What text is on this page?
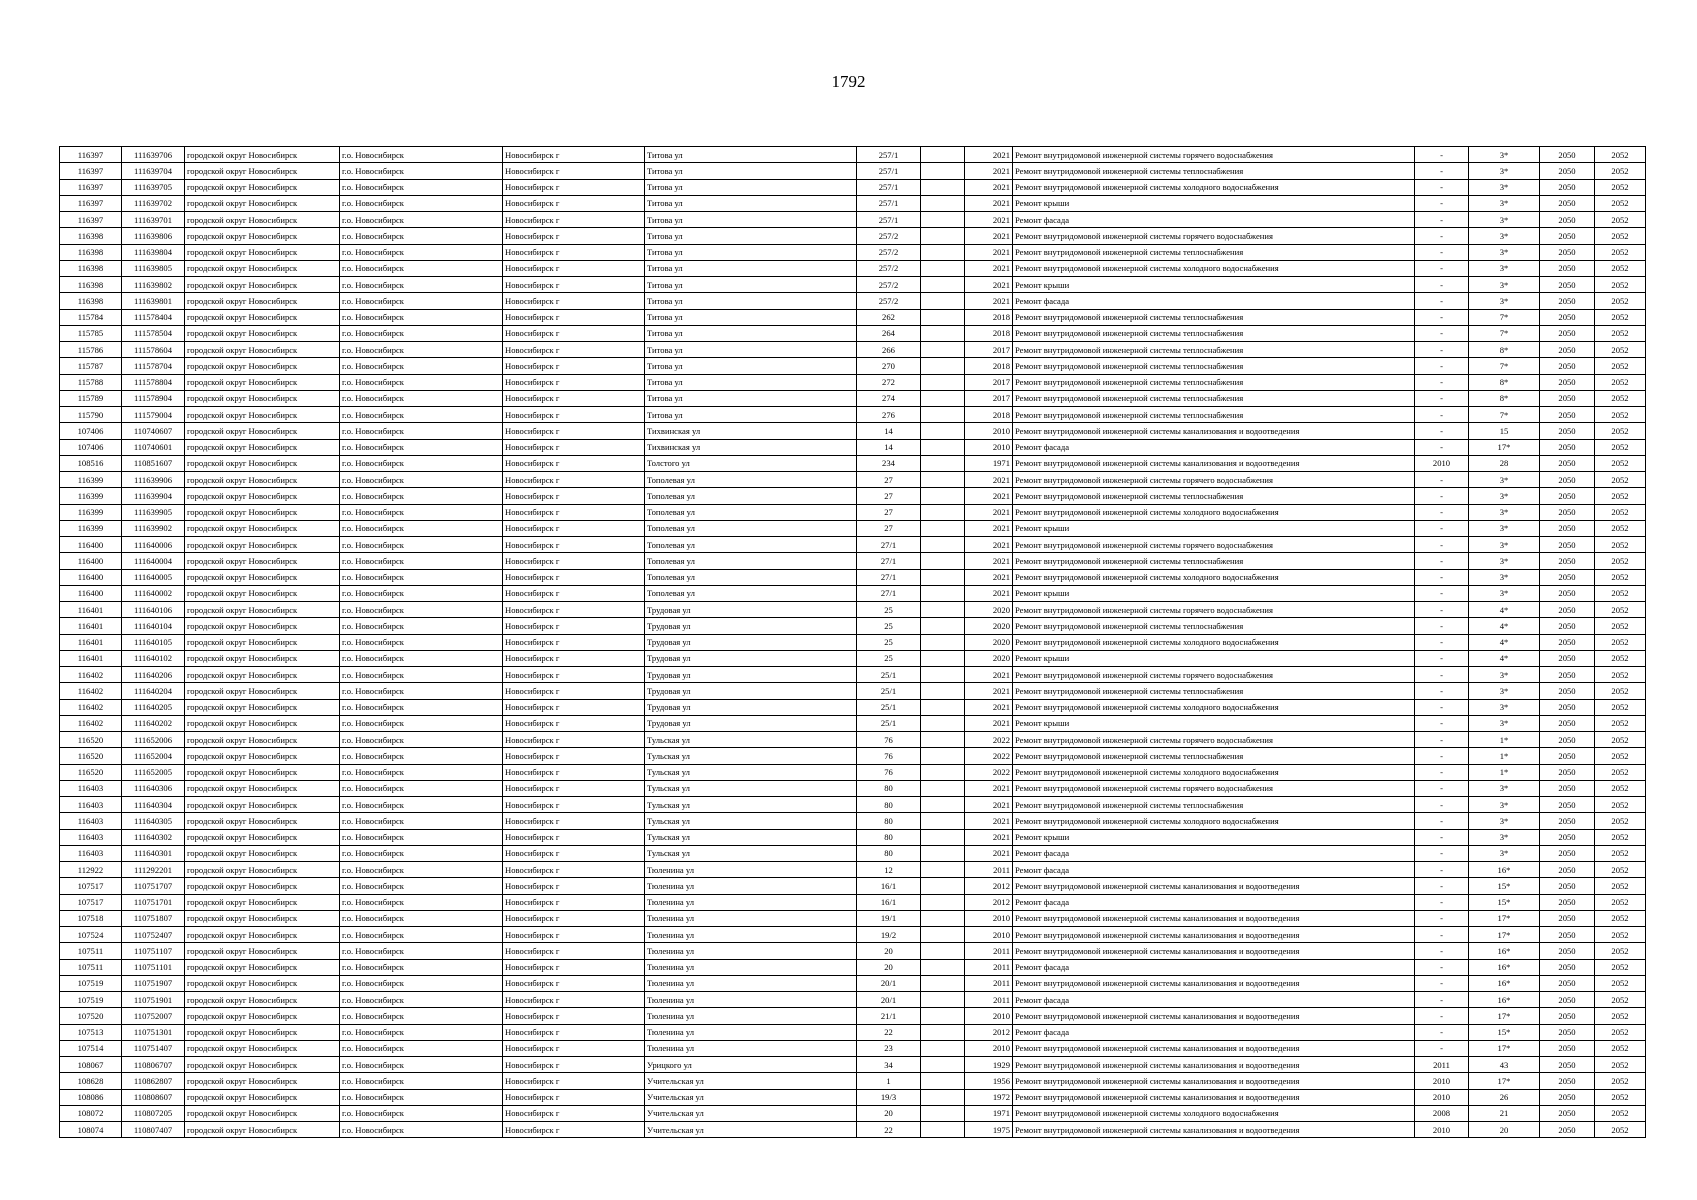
1792
116397	111639706	городской округ Новосибирск	г.о. Новосибирск	Новосибирск г	Титова ул	257/1		2021	Ремонт внутридомовой инженерной системы горячего водоснабжения	-	3*	2050	2052
116397	111639704	городской округ Новосибирск	г.о. Новосибирск	Новосибирск г	Титова ул	257/1		2021	Ремонт внутридомовой инженерной системы теплоснабжения	-	3*	2050	2052
116397	111639705	городской округ Новосибирск	г.о. Новосибирск	Новосибирск г	Титова ул	257/1		2021	Ремонт внутридомовой инженерной системы холодного водоснабжения	-	3*	2050	2052
116397	111639702	городской округ Новосибирск	г.о. Новосибирск	Новосибирск г	Титова ул	257/1		2021	Ремонт крыши	-	3*	2050	2052
116397	111639701	городской округ Новосибирск	г.о. Новосибирск	Новосибирск г	Титова ул	257/1		2021	Ремонт фасада	-	3*	2050	2052
116398	111639806	городской округ Новосибирск	г.о. Новосибирск	Новосибирск г	Титова ул	257/2		2021	Ремонт внутридомовой инженерной системы горячего водоснабжения	-	3*	2050	2052
116398	111639804	городской округ Новосибирск	г.о. Новосибирск	Новосибирск г	Титова ул	257/2		2021	Ремонт внутридомовой инженерной системы теплоснабжения	-	3*	2050	2052
116398	111639805	городской округ Новосибирск	г.о. Новосибирск	Новосибирск г	Титова ул	257/2		2021	Ремонт внутридомовой инженерной системы холодного водоснабжения	-	3*	2050	2052
116398	111639802	городской округ Новосибирск	г.о. Новосибирск	Новосибирск г	Титова ул	257/2		2021	Ремонт крыши	-	3*	2050	2052
116398	111639801	городской округ Новосибирск	г.о. Новосибирск	Новосибирск г	Титова ул	257/2		2021	Ремонт фасада	-	3*	2050	2052
115784	111578404	городской округ Новосибирск	г.о. Новосибирск	Новосибирск г	Титова ул	262		2018	Ремонт внутридомовой инженерной системы теплоснабжения	-	7*	2050	2052
115785	111578504	городской округ Новосибирск	г.о. Новосибирск	Новосибирск г	Титова ул	264		2018	Ремонт внутридомовой инженерной системы теплоснабжения	-	7*	2050	2052
115786	111578604	городской округ Новосибирск	г.о. Новосибирск	Новосибирск г	Титова ул	266		2017	Ремонт внутридомовой инженерной системы теплоснабжения	-	8*	2050	2052
115787	111578704	городской округ Новосибирск	г.о. Новосибирск	Новосибирск г	Титова ул	270		2018	Ремонт внутридомовой инженерной системы теплоснабжения	-	7*	2050	2052
115788	111578804	городской округ Новосибирск	г.о. Новосибирск	Новосибирск г	Титова ул	272		2017	Ремонт внутридомовой инженерной системы теплоснабжения	-	8*	2050	2052
115789	111578904	городской округ Новосибирск	г.о. Новосибирск	Новосибирск г	Титова ул	274		2017	Ремонт внутридомовой инженерной системы теплоснабжения	-	8*	2050	2052
115790	111579004	городской округ Новосибирск	г.о. Новосибирск	Новосибирск г	Титова ул	276		2018	Ремонт внутридомовой инженерной системы теплоснабжения	-	7*	2050	2052
107406	110740607	городской округ Новосибирск	г.о. Новосибирск	Новосибирск г	Тихвинская ул	14		2010	Ремонт внутридомовой инженерной системы канализования и водоотведения	-	15	2050	2052
107406	110740601	городской округ Новосибирск	г.о. Новосибирск	Новосибирск г	Тихвинская ул	14		2010	Ремонт фасада	-	17*	2050	2052
108516	110851607	городской округ Новосибирск	г.о. Новосибирск	Новосибирск г	Толстого ул	234		1971	Ремонт внутридомовой инженерной системы канализования и водоотведения	2010	28	2050	2052
116399	111639906	городской округ Новосибирск	г.о. Новосибирск	Новосибирск г	Тополевая ул	27		2021	Ремонт внутридомовой инженерной системы горячего водоснабжения	-	3*	2050	2052
116399	111639904	городской округ Новосибирск	г.о. Новосибирск	Новосибирск г	Тополевая ул	27		2021	Ремонт внутридомовой инженерной системы теплоснабжения	-	3*	2050	2052
116399	111639905	городской округ Новосибирск	г.о. Новосибирск	Новосибирск г	Тополевая ул	27		2021	Ремонт внутридомовой инженерной системы холодного водоснабжения	-	3*	2050	2052
116399	111639902	городской округ Новосибирск	г.о. Новосибирск	Новосибирск г	Тополевая ул	27		2021	Ремонт крыши	-	3*	2050	2052
116400	111640006	городской округ Новосибирск	г.о. Новосибирск	Новосибирск г	Тополевая ул	27/1		2021	Ремонт внутридомовой инженерной системы горячего водоснабжения	-	3*	2050	2052
116400	111640004	городской округ Новосибирск	г.о. Новосибирск	Новосибирск г	Тополевая ул	27/1		2021	Ремонт внутридомовой инженерной системы теплоснабжения	-	3*	2050	2052
116400	111640005	городской округ Новосибирск	г.о. Новосибирск	Новосибирск г	Тополевая ул	27/1		2021	Ремонт внутридомовой инженерной системы холодного водоснабжения	-	3*	2050	2052
116400	111640002	городской округ Новосибирск	г.о. Новосибирск	Новосибирск г	Тополевая ул	27/1		2021	Ремонт крыши	-	3*	2050	2052
116401	111640106	городской округ Новосибирск	г.о. Новосибирск	Новосибирск г	Трудовая ул	25		2020	Ремонт внутридомовой инженерной системы горячего водоснабжения	-	4*	2050	2052
116401	111640104	городской округ Новосибирск	г.о. Новосибирск	Новосибирск г	Трудовая ул	25		2020	Ремонт внутридомовой инженерной системы теплоснабжения	-	4*	2050	2052
116401	111640105	городской округ Новосибирск	г.о. Новосибирск	Новосибирск г	Трудовая ул	25		2020	Ремонт внутридомовой инженерной системы холодного водоснабжения	-	4*	2050	2052
116401	111640102	городской округ Новосибирск	г.о. Новосибирск	Новосибирск г	Трудовая ул	25		2020	Ремонт крыши	-	4*	2050	2052
116402	111640206	городской округ Новосибирск	г.о. Новосибирск	Новосибирск г	Трудовая ул	25/1		2021	Ремонт внутридомовой инженерной системы горячего водоснабжения	-	3*	2050	2052
116402	111640204	городской округ Новосибирск	г.о. Новосибирск	Новосибирск г	Трудовая ул	25/1		2021	Ремонт внутридомовой инженерной системы теплоснабжения	-	3*	2050	2052
116402	111640205	городской округ Новосибирск	г.о. Новосибирск	Новосибирск г	Трудовая ул	25/1		2021	Ремонт внутридомовой инженерной системы холодного водоснабжения	-	3*	2050	2052
116402	111640202	городской округ Новосибирск	г.о. Новосибирск	Новосибирск г	Трудовая ул	25/1		2021	Ремонт крыши	-	3*	2050	2052
116520	111652006	городской округ Новосибирск	г.о. Новосибирск	Новосибирск г	Тульская ул	76		2022	Ремонт внутридомовой инженерной системы горячего водоснабжения	-	1*	2050	2052
116520	111652004	городской округ Новосибирск	г.о. Новосибирск	Новосибирск г	Тульская ул	76		2022	Ремонт внутридомовой инженерной системы теплоснабжения	-	1*	2050	2052
116520	111652005	городской округ Новосибирск	г.о. Новосибирск	Новосибирск г	Тульская ул	76		2022	Ремонт внутридомовой инженерной системы холодного водоснабжения	-	1*	2050	2052
116403	111640306	городской округ Новосибирск	г.о. Новосибирск	Новосибирск г	Тульская ул	80		2021	Ремонт внутридомовой инженерной системы горячего водоснабжения	-	3*	2050	2052
116403	111640304	городской округ Новосибирск	г.о. Новосибирск	Новосибирск г	Тульская ул	80		2021	Ремонт внутридомовой инженерной системы теплоснабжения	-	3*	2050	2052
116403	111640305	городской округ Новосибирск	г.о. Новосибирск	Новосибирск г	Тульская ул	80		2021	Ремонт внутридомовой инженерной системы холодного водоснабжения	-	3*	2050	2052
116403	111640302	городской округ Новосибирск	г.о. Новосибирск	Новосибирск г	Тульская ул	80		2021	Ремонт крыши	-	3*	2050	2052
116403	111640301	городской округ Новосибирск	г.о. Новосибирск	Новосибирск г	Тульская ул	80		2021	Ремонт фасада	-	3*	2050	2052
112922	111292201	городской округ Новосибирск	г.о. Новосибирск	Новосибирск г	Тюленина ул	12		2011	Ремонт фасада	-	16*	2050	2052
107517	110751707	городской округ Новосибирск	г.о. Новосибирск	Новосибирск г	Тюленина ул	16/1		2012	Ремонт внутридомовой инженерной системы канализования и водоотведения	-	15*	2050	2052
107517	110751701	городской округ Новосибирск	г.о. Новосибирск	Новосибирск г	Тюленина ул	16/1		2012	Ремонт фасада	-	15*	2050	2052
107518	110751807	городской округ Новосибирск	г.о. Новосибирск	Новосибирск г	Тюленина ул	19/1		2010	Ремонт внутридомовой инженерной системы канализования и водоотведения	-	17*	2050	2052
107524	110752407	городской округ Новосибирск	г.о. Новосибирск	Новосибирск г	Тюленина ул	19/2		2010	Ремонт внутридомовой инженерной системы канализования и водоотведения	-	17*	2050	2052
107511	110751107	городской округ Новосибирск	г.о. Новосибирск	Новосибирск г	Тюленина ул	20		2011	Ремонт внутридомовой инженерной системы канализования и водоотведения	-	16*	2050	2052
107511	110751101	городской округ Новосибирск	г.о. Новосибирск	Новосибирск г	Тюленина ул	20		2011	Ремонт фасада	-	16*	2050	2052
107519	110751907	городской округ Новосибирск	г.о. Новосибирск	Новосибирск г	Тюленина ул	20/1		2011	Ремонт внутридомовой инженерной системы канализования и водоотведения	-	16*	2050	2052
107519	110751901	городской округ Новосибирск	г.о. Новосибирск	Новосибирск г	Тюленина ул	20/1		2011	Ремонт фасада	-	16*	2050	2052
107520	110752007	городской округ Новосибирск	г.о. Новосибирск	Новосибирск г	Тюленина ул	21/1		2010	Ремонт внутридомовой инженерной системы канализования и водоотведения	-	17*	2050	2052
107513	110751301	городской округ Новосибирск	г.о. Новосибирск	Новосибирск г	Тюленина ул	22		2012	Ремонт фасада	-	15*	2050	2052
107514	110751407	городской округ Новосибирск	г.о. Новосибирск	Новосибирск г	Тюленина ул	23		2010	Ремонт внутридомовой инженерной системы канализования и водоотведения	-	17*	2050	2052
108067	110806707	городской округ Новосибирск	г.о. Новосибирск	Новосибирск г	Урицкого ул	34		1929	Ремонт внутридомовой инженерной системы канализования и водоотведения	2011	43	2050	2052
108628	110862807	городской округ Новосибирск	г.о. Новосибирск	Новосибирск г	Учительская ул	1		1956	Ремонт внутридомовой инженерной системы канализования и водоотведения	2010	17*	2050	2052
108086	110808607	городской округ Новосибирск	г.о. Новосибирск	Новосибирск г	Учительская ул	19/3		1972	Ремонт внутридомовой инженерной системы канализования и водоотведения	2010	26	2050	2052
108072	110807205	городской округ Новосибирск	г.о. Новосибирск	Новосибирск г	Учительская ул	20		1971	Ремонт внутридомовой инженерной системы холодного водоснабжения	2008	21	2050	2052
108074	110807407	городской округ Новосибирск	г.о. Новосибирск	Новосибирск г	Учительская ул	22		1975	Ремонт внутридомовой инженерной системы канализования и водоотведения	2010	20	2050	2052
